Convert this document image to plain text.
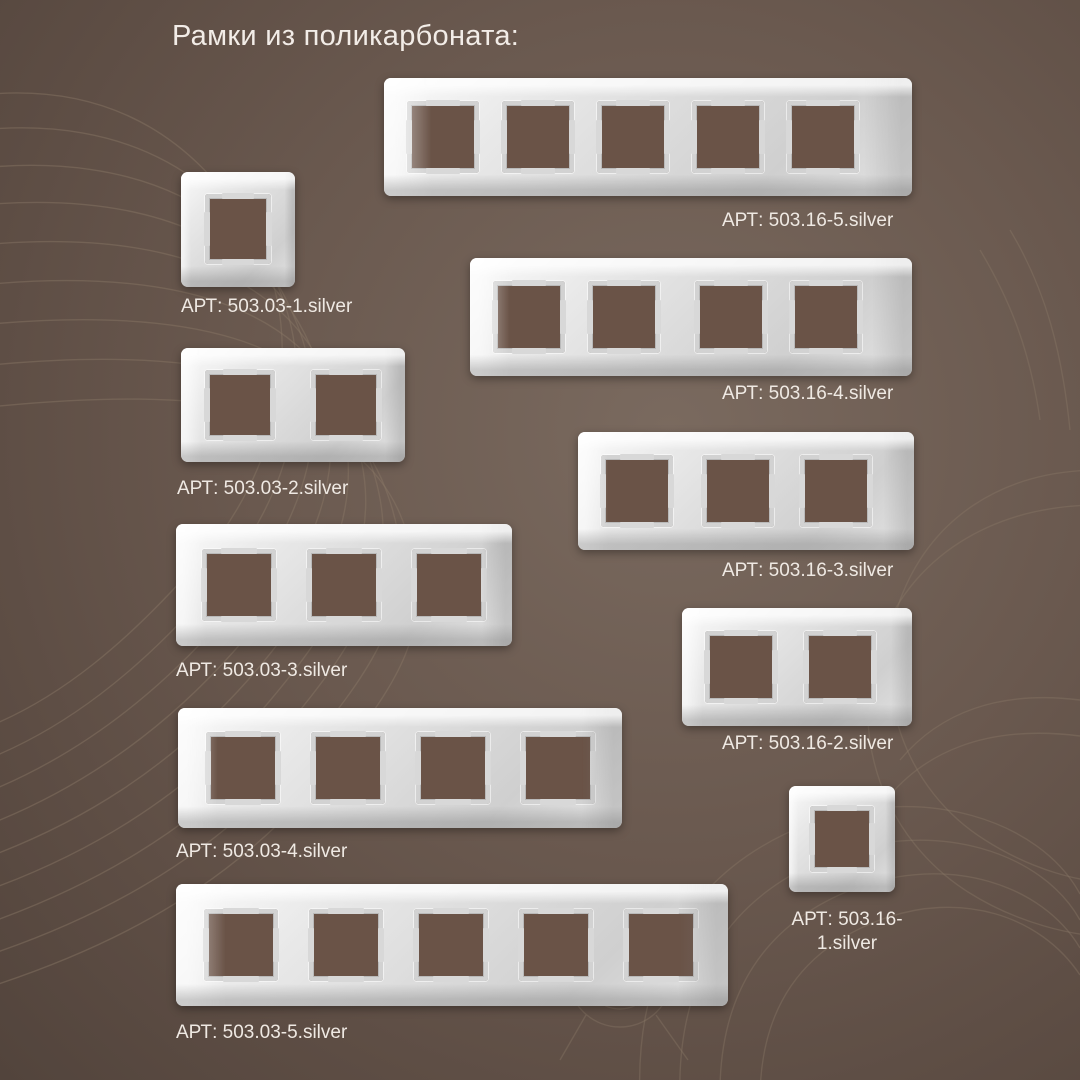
Рамки из поликарбоната:
АРТ: 503.03-1.silver
АРТ: 503.03-2.silver
АРТ: 503.03-3.silver
АРТ: 503.03-4.silver
АРТ: 503.03-5.silver
АРТ: 503.16-5.silver
АРТ: 503.16-4.silver
АРТ: 503.16-3.silver
АРТ: 503.16-2.silver
АРТ: 503.16-1.silver
